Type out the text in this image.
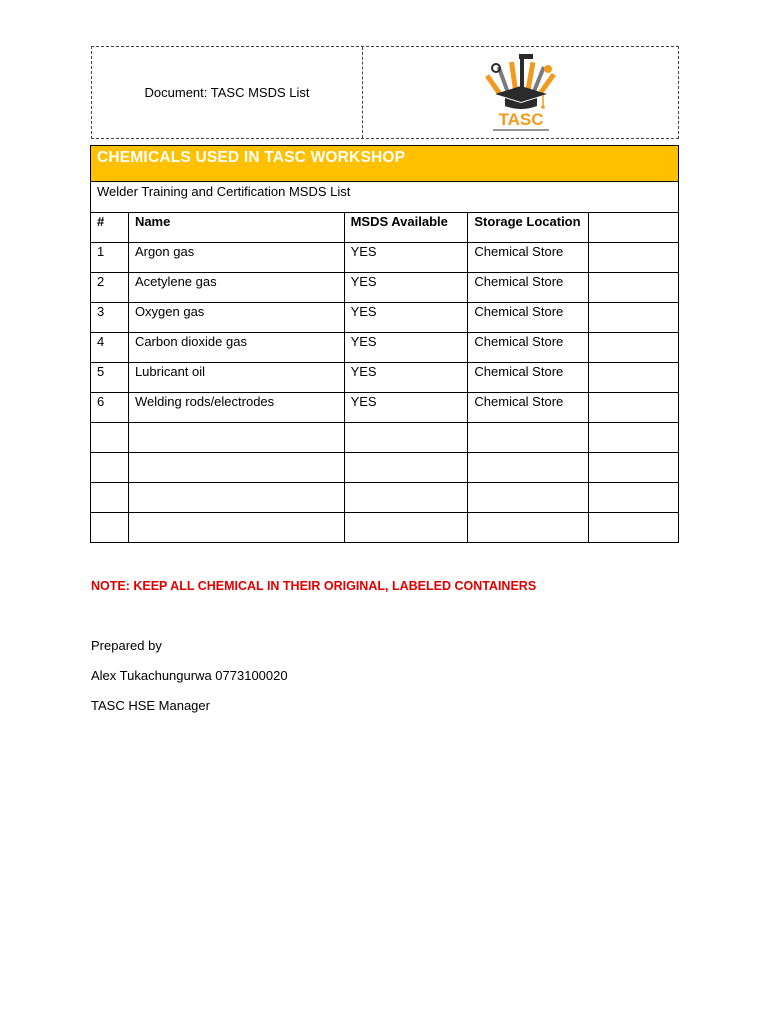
Document: TASC MSDS List
TASC
CHEMICALS USED IN TASC WORKSHOP				
Welder Training and Certification MSDS List				
#	Name	MSDS Available	Storage Location	
1	Argon gas	YES	Chemical Store	
2	Acetylene gas	YES	Chemical Store	
3	Oxygen gas	YES	Chemical Store	
4	Carbon dioxide gas	YES	Chemical Store	
5	Lubricant oil	YES	Chemical Store	
6	Welding rods/electrodes	YES	Chemical Store	

NOTE: KEEP ALL CHEMICAL IN THEIR ORIGINAL, LABELED CONTAINERS
Prepared by
Alex Tukachungurwa 0773100020
TASC HSE Manager
